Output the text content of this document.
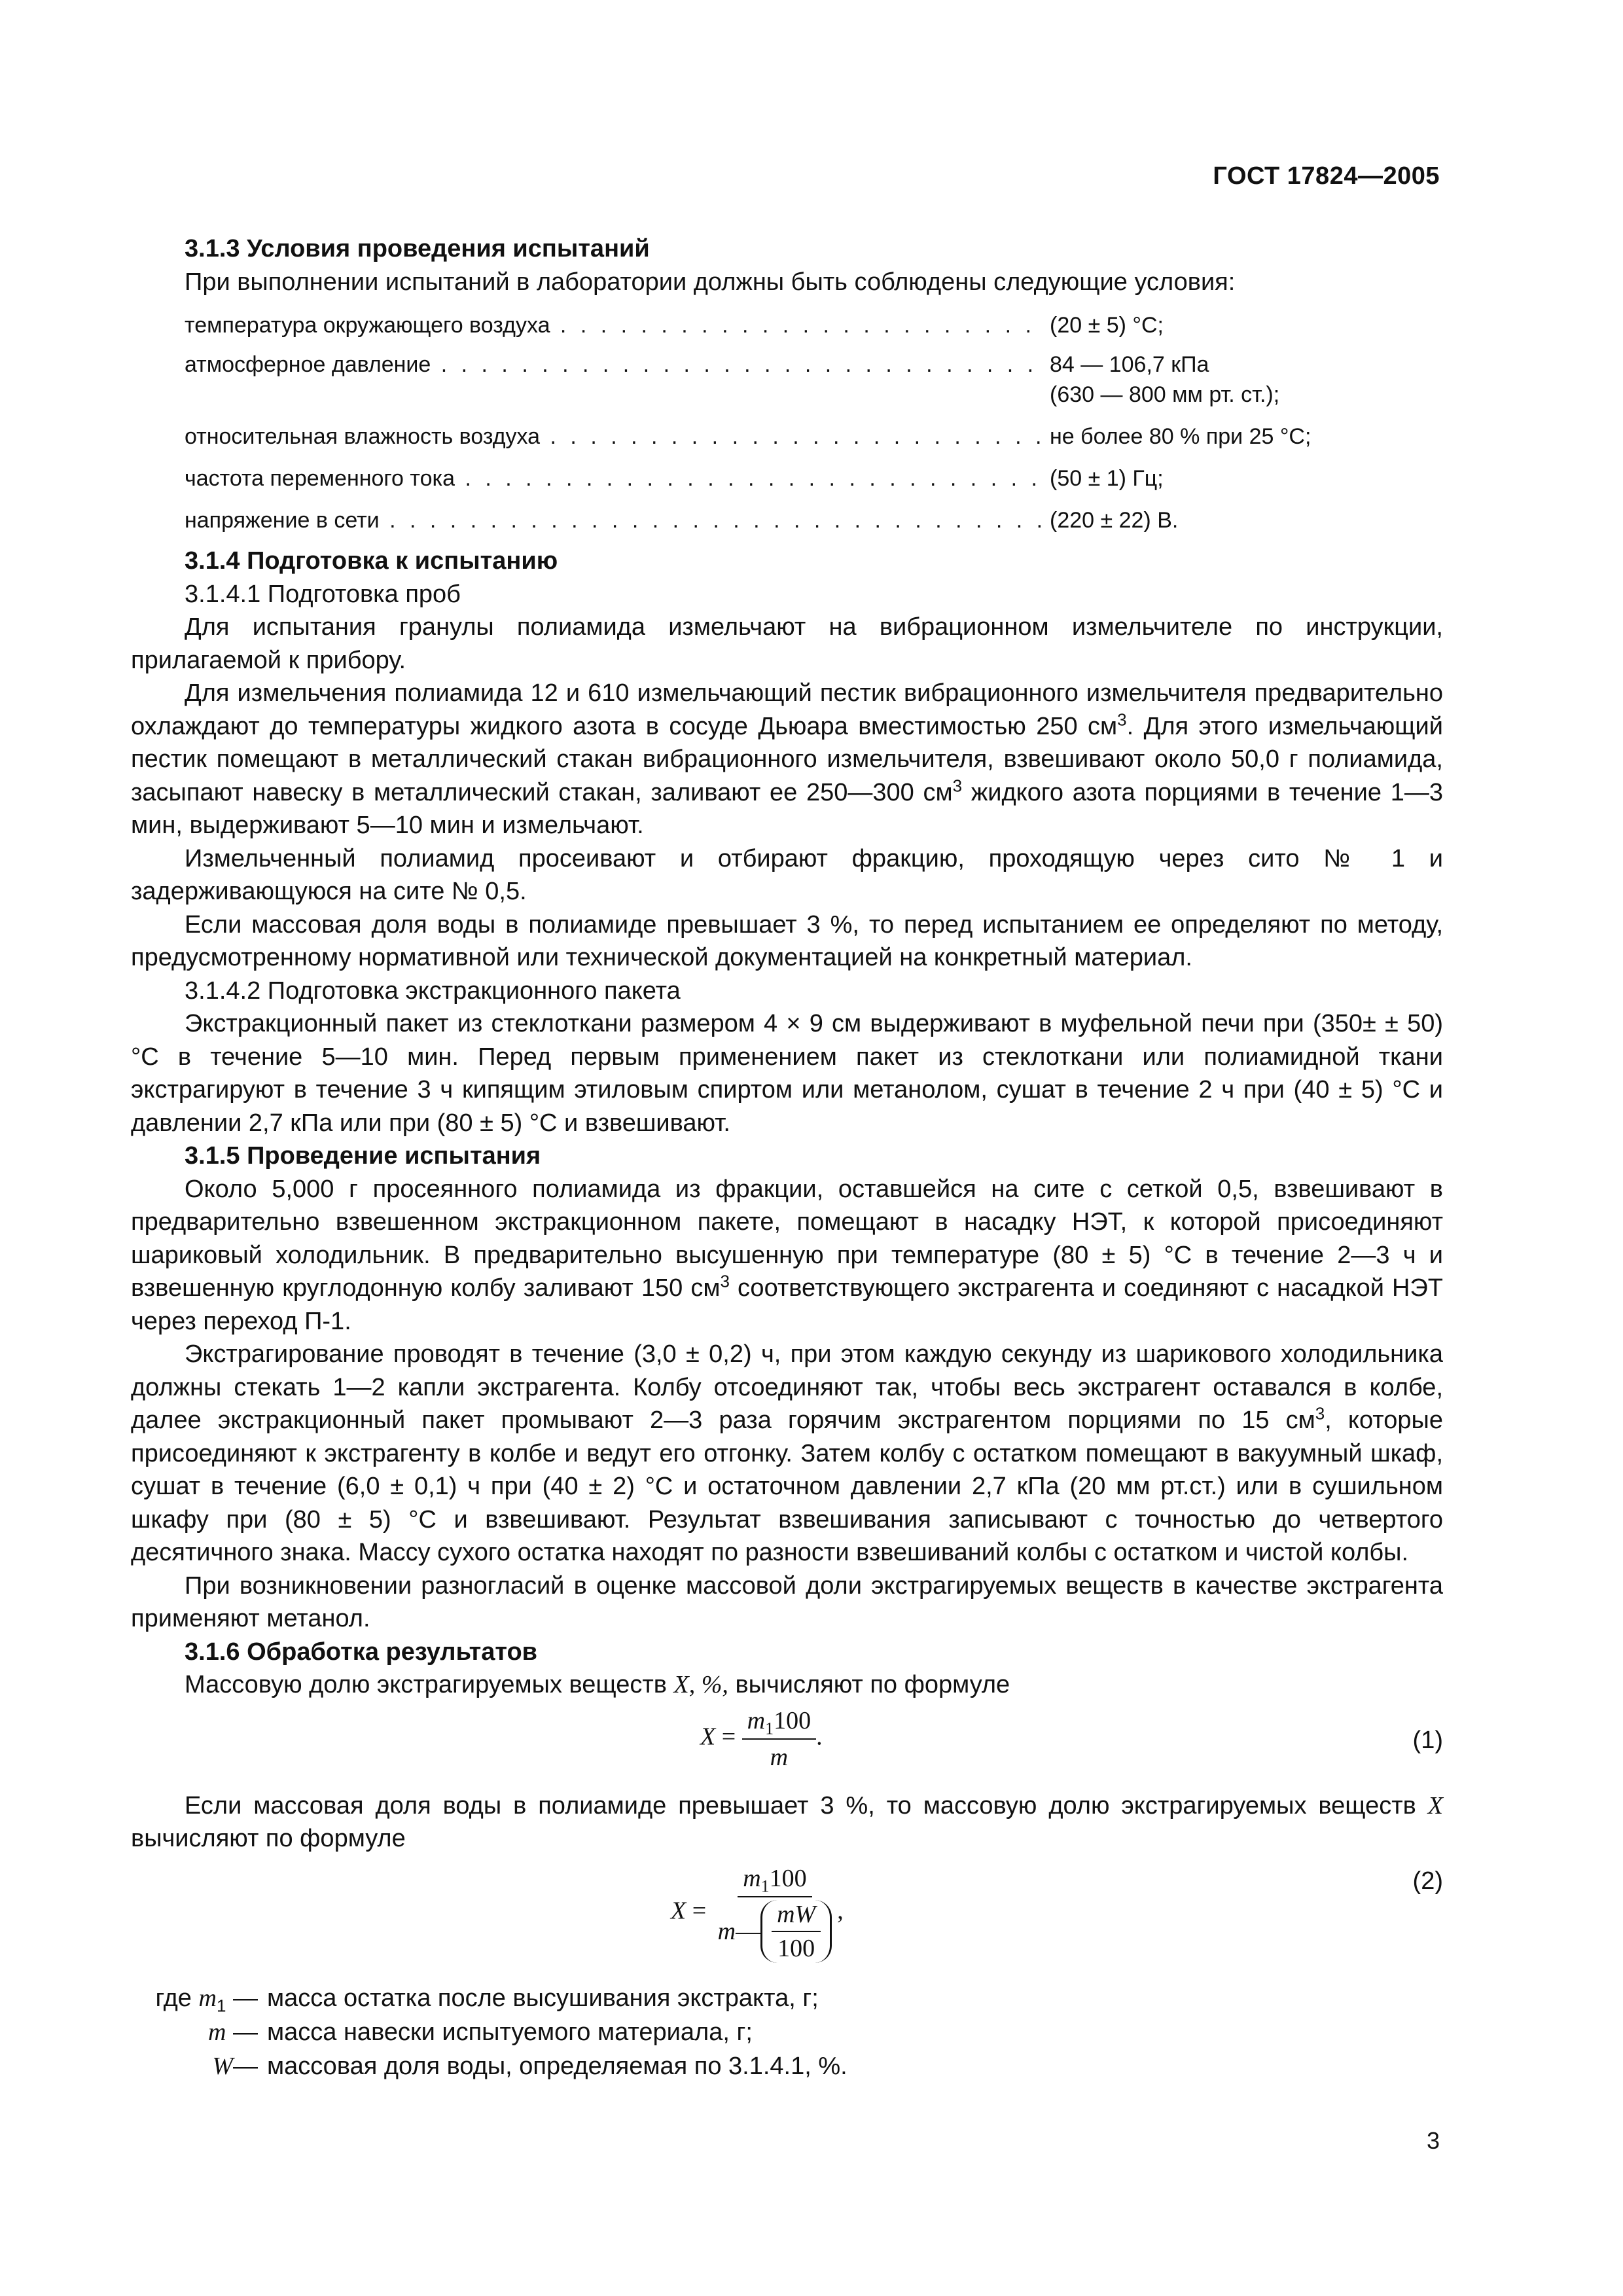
ГОСТ 17824—2005
3.1.3 Условия проведения испытаний
При выполнении испытаний в лаборатории должны быть соблюдены следующие условия:
температура окружающего воздуха . . .	(20 ± 5) °C;
атмосферное давление . . .	84 — 106,7 кПа
(630 — 800 мм рт. ст.);
относительная влажность воздуха . . .	не более 80 % при 25 °C;
частота переменного тока . . .	(50 ± 1) Гц;
напряжение в сети . . .	(220 ± 22) В.
3.1.4 Подготовка к испытанию
3.1.4.1 Подготовка проб

Для испытания гранулы полиамида измельчают на вибрационном измельчителе по инструкции, прилагаемой к прибору.

Для измельчения полиамида 12 и 610 измельчающий пестик вибрационного измельчителя предварительно охлаждают до температуры жидкого азота в сосуде Дьюара вместимостью 250 $см^3$. Для этого измельчающий пестик помещают в металлический стакан вибрационного измельчителя, взвешивают около 50,0 г полиамида, засыпают навеску в металлический стакан, заливают ее 250—300 $см^3$ жидкого азота порциями в течение 1—3 мин, выдерживают 5—10 мин и измельчают.

Измельченный полиамид просеивают и отбирают фракцию, проходящую через сито № 1 и задерживающуюся на сите № 0,5.

Если массовая доля воды в полиамиде превышает 3 %, то перед испытанием ее определяют по методу, предусмотренному нормативной или технической документацией на конкретный материал.

3.1.4.2 Подготовка экстракционного пакета

Экстракционный пакет из стеклоткани размером 4 × 9 см выдерживают в муфельной печи при (350± ± 50) °C в течение 5—10 мин. Перед первым применением пакет из стеклоткани или полиамидной ткани экстрагируют в течение 3 ч кипящим этиловым спиртом или метанолом, сушат в течение 2 ч при (40 ± 5) °C и давлении 2,7 кПа или при (80 ± 5) °C и взвешивают.

3.1.5 Проведение испытания

Около 5,000 г просеянного полиамида из фракции, оставшейся на сите с сеткой 0,5, взвешивают в предварительно взвешенном экстракционном пакете, помещают в насадку НЭТ, к которой присоединяют шариковый холодильник. В предварительно высушенную при температуре (80 ± 5) °C в течение 2—3 ч и взвешенную круглодонную колбу заливают 150 $см^3$ соответствующего экстрагента и соединяют с насадкой НЭТ через переход П-1.

Экстрагирование проводят в течение (3,0 ± 0,2) ч, при этом каждую секунду из шарикового холодильника должны стекать 1—2 капли экстрагента. Колбу отсоединяют так, чтобы весь экстрагент оставался в колбе, далее экстракционный пакет промывают 2—3 раза горячим экстрагентом порциями по 15 $см^3$, которые присоединяют к экстрагенту в колбе и ведут его отгонку. Затем колбу с остатком помещают в вакуумный шкаф, сушат в течение (6,0 ± 0,1) ч при (40 ± 2) °C и остаточном давлении 2,7 кПа (20 мм рт.ст.) или в сушильном шкафу при (80 ± 5) °C и взвешивают. Результат взвешивания записывают с точностью до четвертого десятичного знака. Массу сухого остатка находят по разности взвешиваний колбы с остатком и чистой колбы.

При возникновении разногласий в оценке массовой доли экстрагируемых веществ в качестве экстрагента применяют метанол.

3.1.6 Обработка результатов

Массовую долю экстрагируемых веществ X, %, вычисляют по формуле

$X = \frac{m_1100}{m}$ .	(1)

Если массовая доля воды в полиамиде превышает 3 %, то массовую долю экстрагируемых веществ X вычисляют по формуле

X =
$m_1100$
m — $\frac{mW}{100}$ ,
(2)
где $m_1$ — масса остатка после высушивания экстракта, г;
m — масса навески испытуемого материала, г;
W— массовая доля воды, определяемая по 3.1.4.1, %.
3
